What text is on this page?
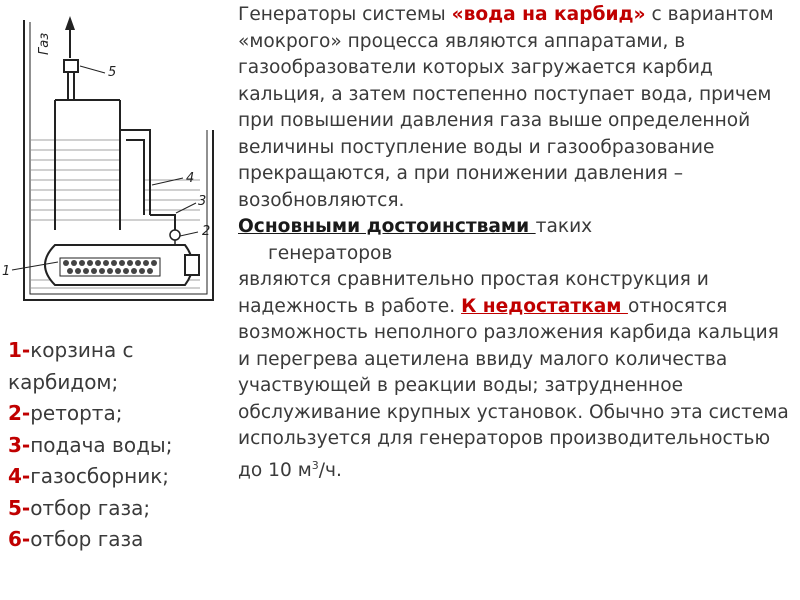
Газ
1
2
3
4
5
1-корзина с карбидом;
2-реторта;
3-подача воды;
4-газосборник;
5-отбор газа;
6-отбор газа

Генераторы системы «вода на карбид» с вариантом «мокрого» процесса являются аппаратами, в газообразователи которых загружается карбид кальция, а затем постепенно поступает вода, причем при повышении давления газа выше определенной величины поступление воды и газообразование прекращаются, а при понижении давления – возобновляются.

Основными достоинствами таких
генераторов
являются сравнительно простая конструкция и надежность в работе. К недостаткам относятся возможность неполного разложения карбида кальция и перегрева ацетилена ввиду малого количества участвующей в реакции воды; затрудненное обслуживание крупных установок. Обычно эта система используется для генераторов производительностью до 10 $м^3/ч$.
